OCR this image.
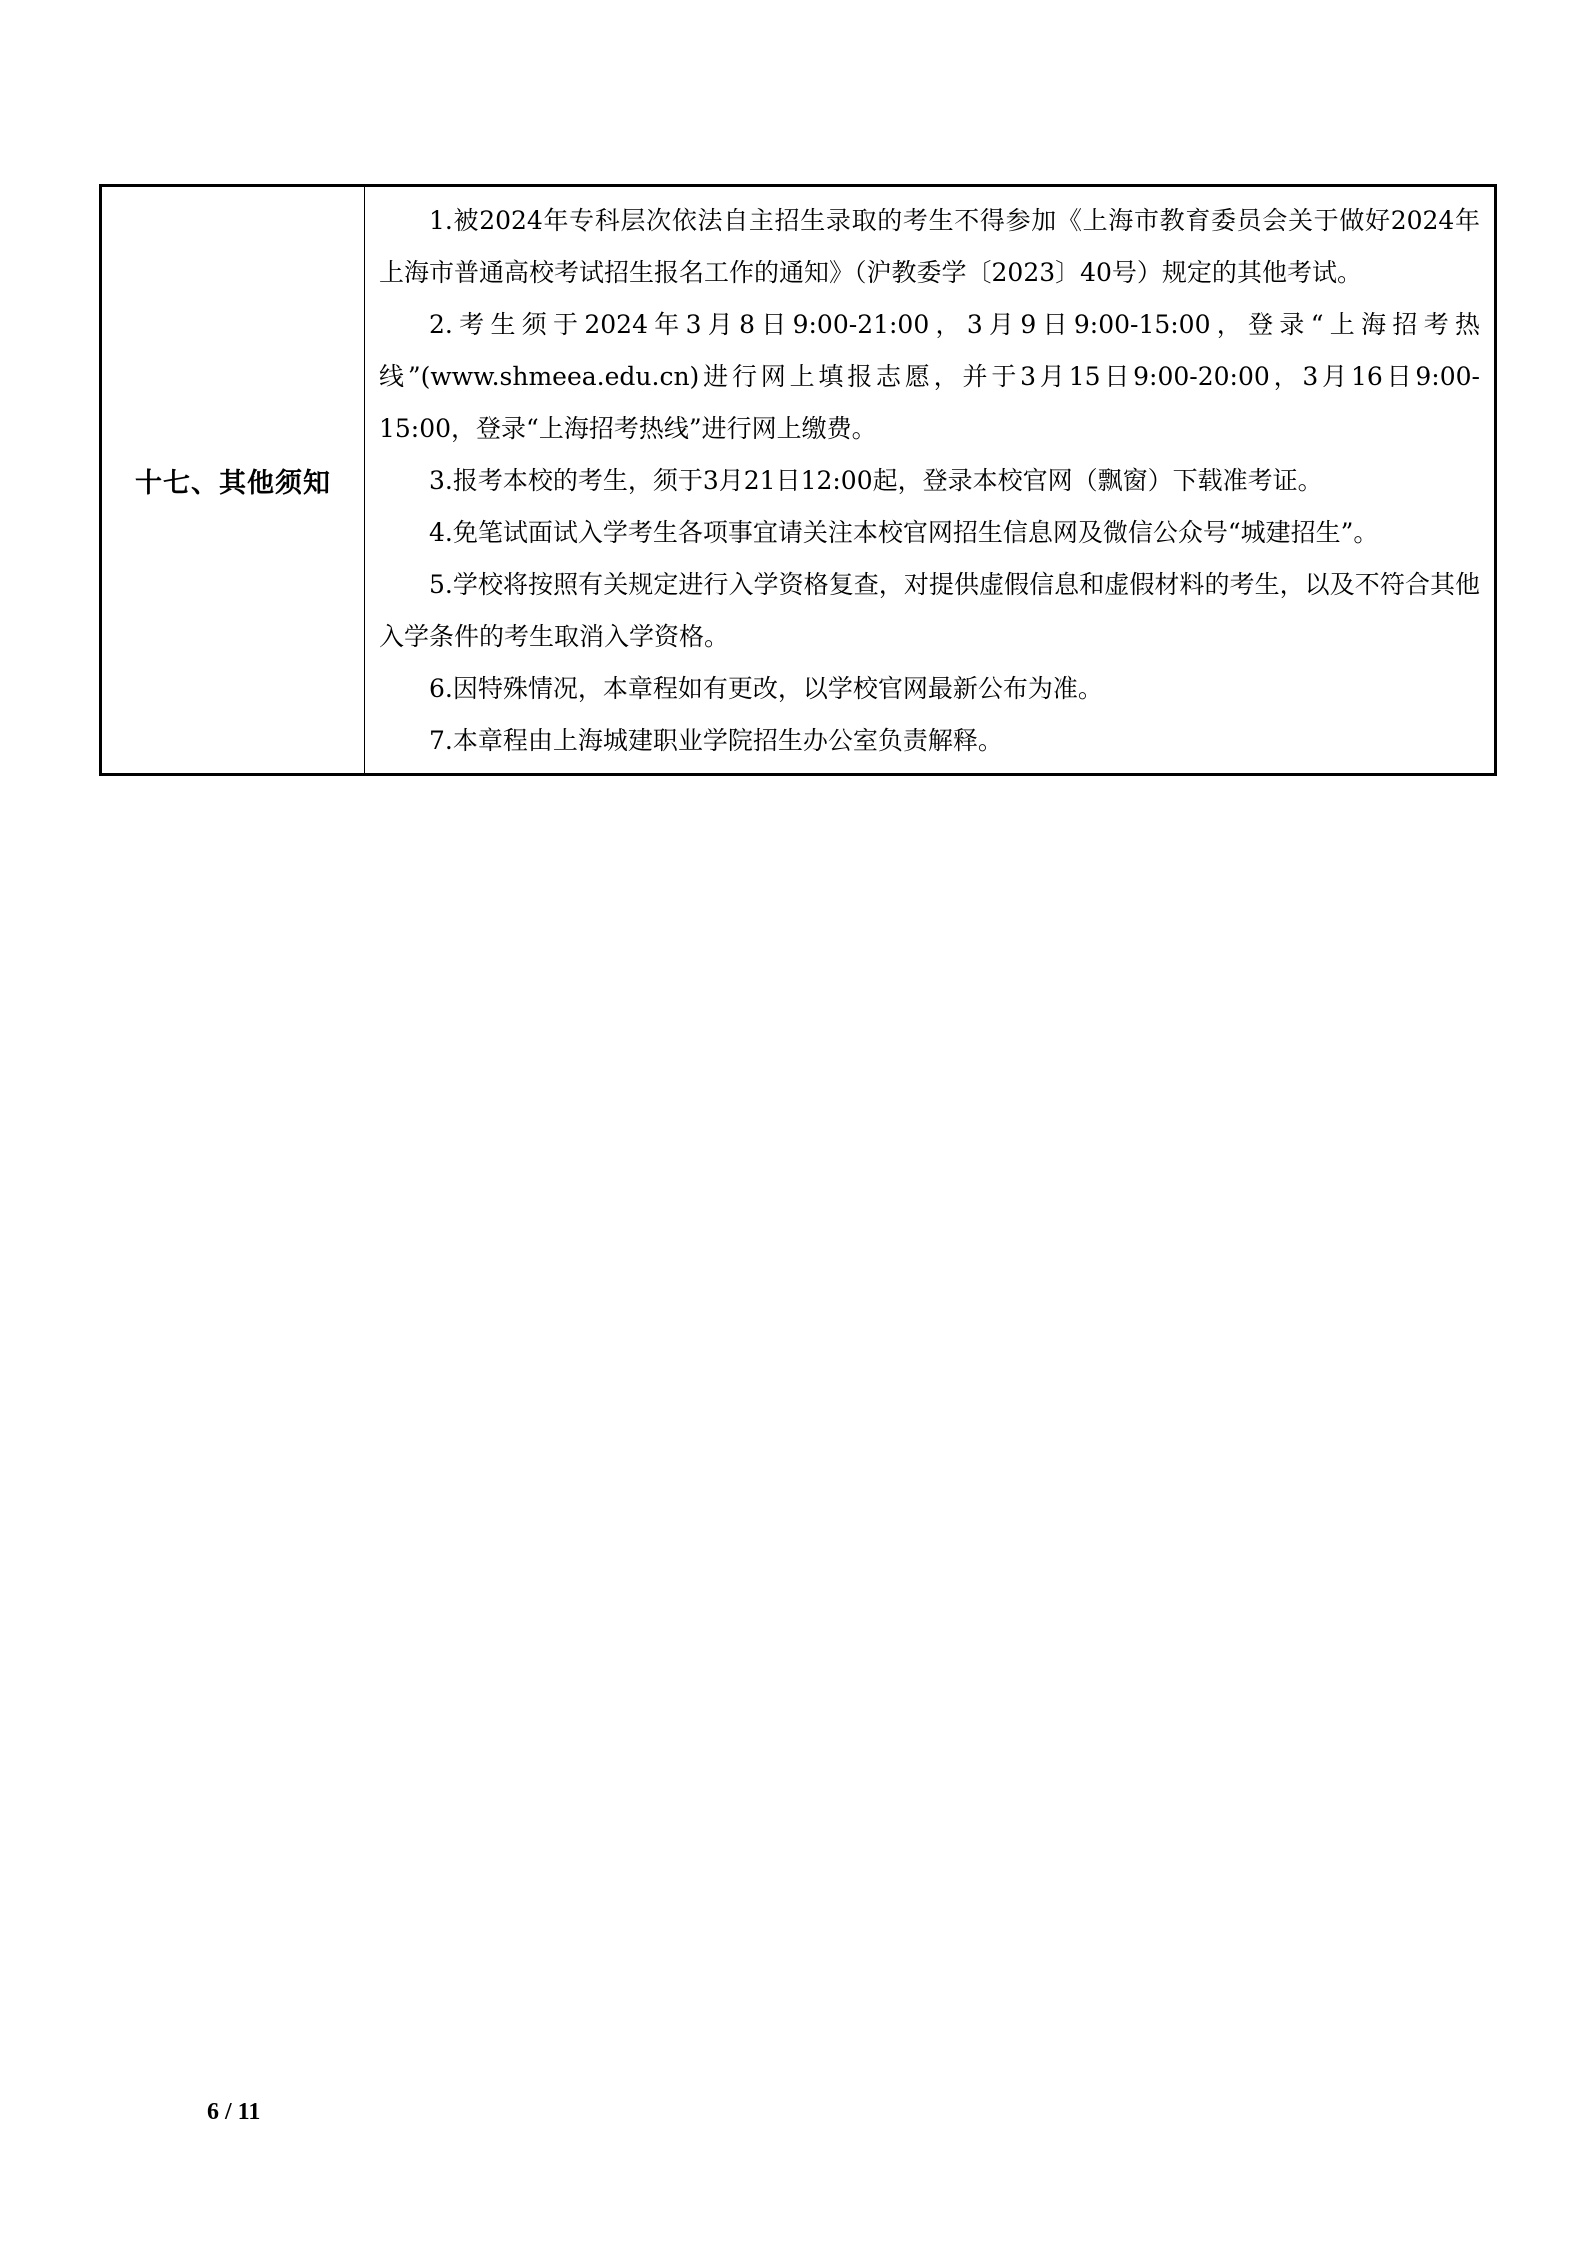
十七、其他须知	

1.被2024年专科层次依法自主招生录取的考生不得参加《上海市教育委员会关于做好2024年上海市普通高校考试招生报名工作的通知》（沪教委学〔2023〕40号）规定的其他考试。

2.考生须于2024年3月8日9:00-21:00，3月9日9:00-15:00，登录“上海招考热线”(www.shmeea.edu.cn)进行网上填报志愿，并于3月15日9:00-20:00，3月16日9:00-15:00，登录“上海招考热线”进行网上缴费。

3.报考本校的考生，须于3月21日12:00起，登录本校官网（飘窗）下载准考证。

4.免笔试面试入学考生各项事宜请关注本校官网招生信息网及微信公众号“城建招生”。

5.学校将按照有关规定进行入学资格复查，对提供虚假信息和虚假材料的考生，以及不符合其他入学条件的考生取消入学资格。

6.因特殊情况，本章程如有更改，以学校官网最新公布为准。

7.本章程由上海城建职业学院招生办公室负责解释。

6 / 11
